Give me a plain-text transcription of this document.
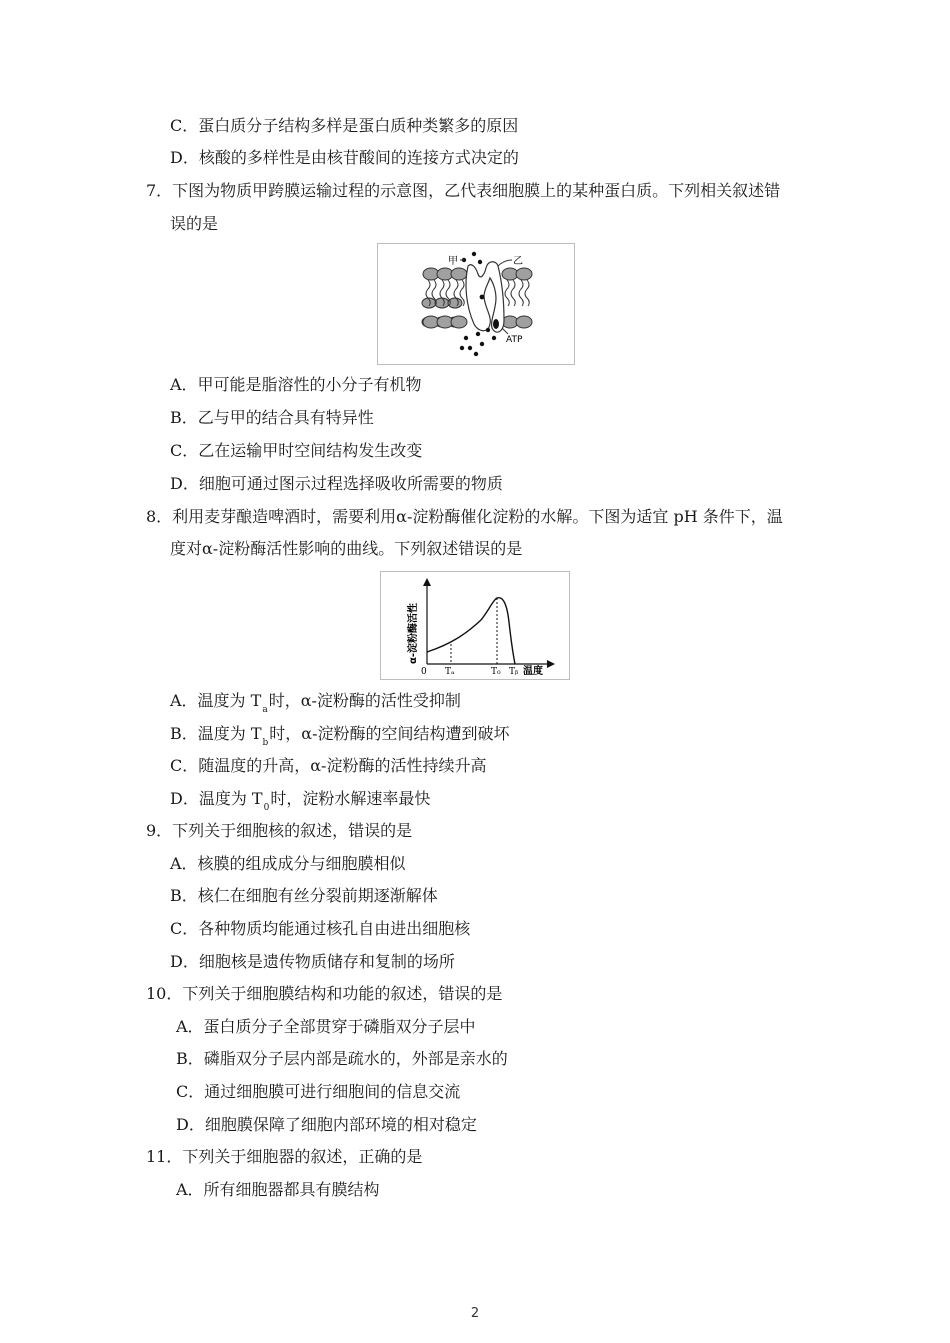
C．蛋白质分子结构多样是蛋白质种类繁多的原因
D．核酸的多样性是由核苷酸间的连接方式决定的
7．下图为物质甲跨膜运输过程的示意图，乙代表细胞膜上的某种蛋白质。下列相关叙述错
误的是
甲	乙
ATP
A．甲可能是脂溶性的小分子有机物
B．乙与甲的结合具有特异性
C．乙在运输甲时空间结构发生改变
D．细胞可通过图示过程选择吸收所需要的物质
8．利用麦芽酿造啤酒时，需要利用α-淀粉酶催化淀粉的水解。下图为适宜 pH 条件下，温
度对α-淀粉酶活性影响的曲线。下列叙述错误的是
0 Tₐ	T₀ Tᵦ 温度
α-淀粉酶活性
A．温度为 $T_a$时，α-淀粉酶的活性受抑制
B．温度为 $T_b$时，α-淀粉酶的空间结构遭到破坏
C．随温度的升高，α-淀粉酶的活性持续升高
D．温度为 $T_0$时，淀粉水解速率最快
9．下列关于细胞核的叙述，错误的是
A．核膜的组成成分与细胞膜相似
B．核仁在细胞有丝分裂前期逐渐解体
C．各种物质均能通过核孔自由进出细胞核
D．细胞核是遗传物质储存和复制的场所
10．下列关于细胞膜结构和功能的叙述，错误的是
A．蛋白质分子全部贯穿于磷脂双分子层中
B．磷脂双分子层内部是疏水的，外部是亲水的
C．通过细胞膜可进行细胞间的信息交流
D．细胞膜保障了细胞内部环境的相对稳定
11．下列关于细胞器的叙述，正确的是
A．所有细胞器都具有膜结构
2
